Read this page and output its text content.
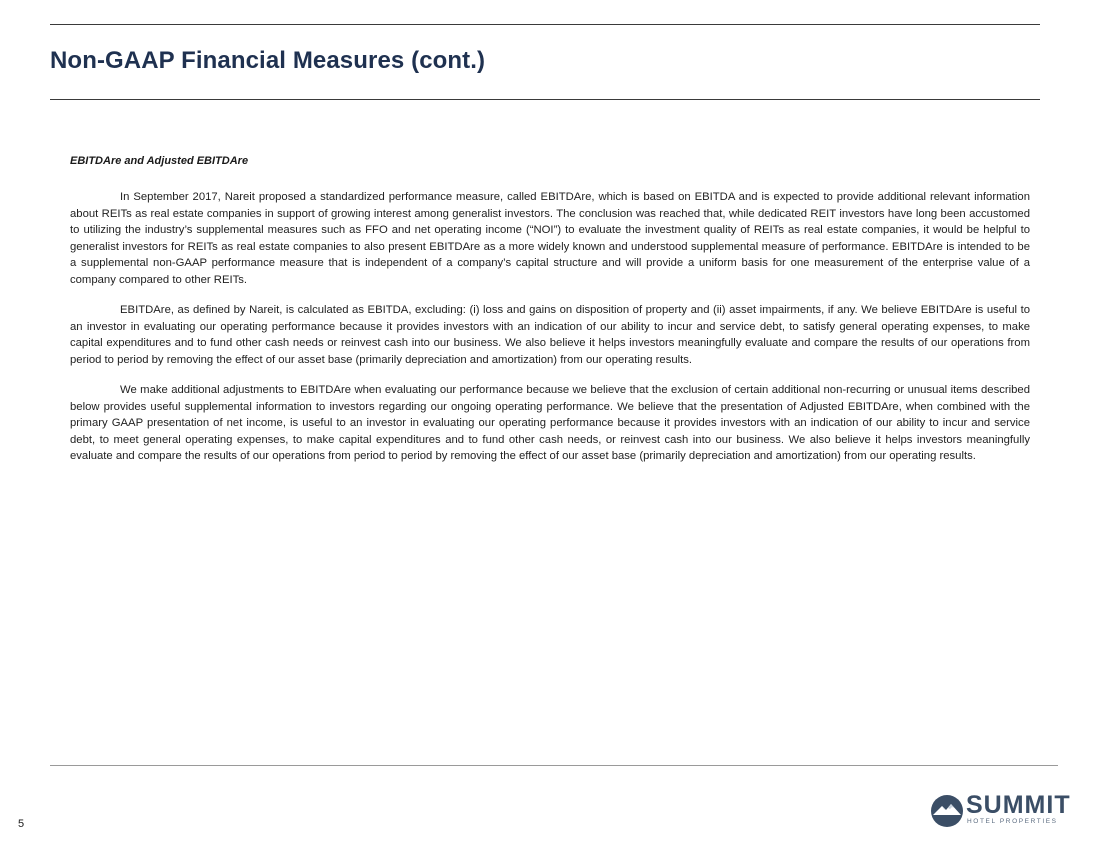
Non-GAAP Financial Measures (cont.)
EBITDAre and Adjusted EBITDAre

In September 2017, Nareit proposed a standardized performance measure, called EBITDAre, which is based on EBITDA and is expected to provide additional relevant information about REITs as real estate companies in support of growing interest among generalist investors. The conclusion was reached that, while dedicated REIT investors have long been accustomed to utilizing the industry’s supplemental measures such as FFO and net operating income (“NOI”) to evaluate the investment quality of REITs as real estate companies, it would be helpful to generalist investors for REITs as real estate companies to also present EBITDAre as a more widely known and understood supplemental measure of performance. EBITDAre is intended to be a supplemental non-GAAP performance measure that is independent of a company’s capital structure and will provide a uniform basis for one measurement of the enterprise value of a company compared to other REITs.

EBITDAre, as defined by Nareit, is calculated as EBITDA, excluding: (i) loss and gains on disposition of property and (ii) asset impairments, if any. We believe EBITDAre is useful to an investor in evaluating our operating performance because it provides investors with an indication of our ability to incur and service debt, to satisfy general operating expenses, to make capital expenditures and to fund other cash needs or reinvest cash into our business. We also believe it helps investors meaningfully evaluate and compare the results of our operations from period to period by removing the effect of our asset base (primarily depreciation and amortization) from our operating results.

We make additional adjustments to EBITDAre when evaluating our performance because we believe that the exclusion of certain additional non-recurring or unusual items described below provides useful supplemental information to investors regarding our ongoing operating performance. We believe that the presentation of Adjusted EBITDAre, when combined with the primary GAAP presentation of net income, is useful to an investor in evaluating our operating performance because it provides investors with an indication of our ability to incur and service debt, to meet general operating expenses, to make capital expenditures and to fund other cash needs, or reinvest cash into our business. We also believe it helps investors meaningfully evaluate and compare the results of our operations from period to period by removing the effect of our asset base (primarily depreciation and amortization) from our operating results.

5
SUMMIT
HOTEL PROPERTIES
